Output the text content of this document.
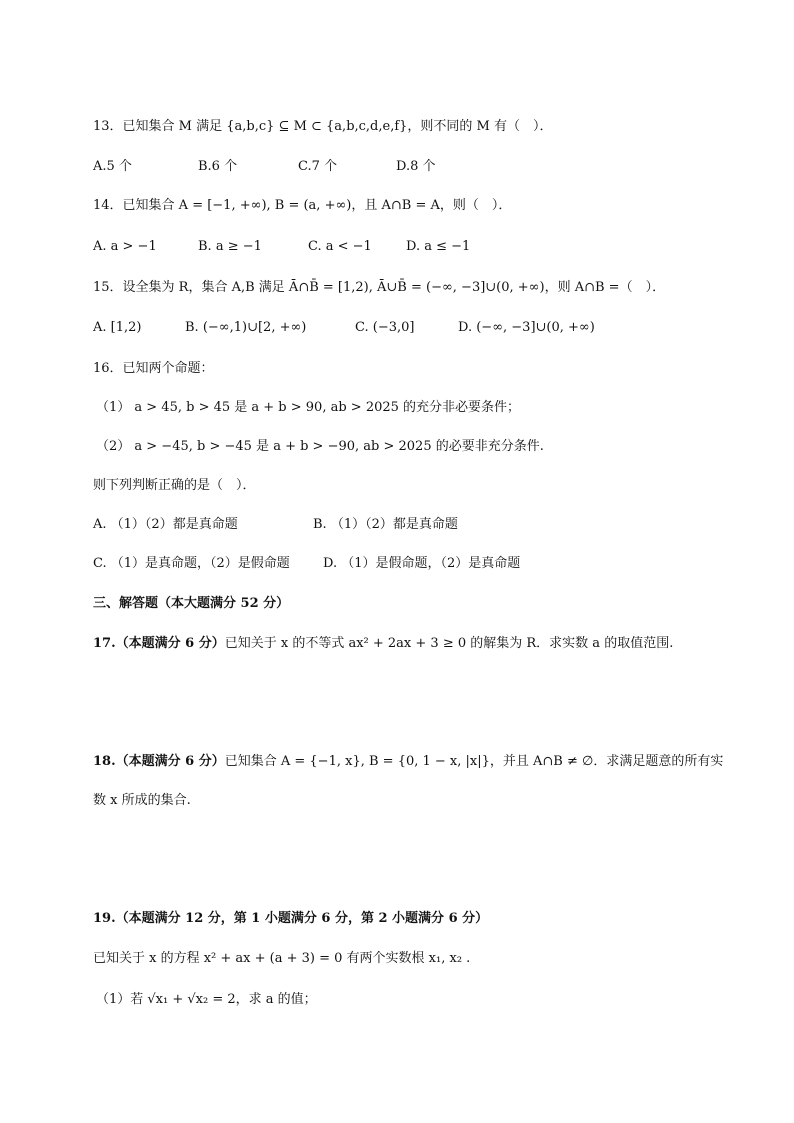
13．已知集合 M 满足 {a,b,c} ⊆ M ⊂ {a,b,c,d,e,f}，则不同的 M 有（　）．
A.5 个	B.6 个	C.7 个	D.8 个
14．已知集合 A = [−1, +∞), B = (a, +∞)，且 A∩B = A，则（　）．
A. a > −1	B. a ≥ −1	C. a < −1	D. a ≤ −1
15．设全集为 R，集合 A,B 满足 Ā∩B̄ = [1,2), Ā∪B̄ = (−∞, −3]∪(0, +∞)，则 A∩B =（　）．
A. [1,2)	B. (−∞,1)∪[2, +∞)	C. (−3,0]	D. (−∞, −3]∪(0, +∞)
16．已知两个命题：
（1） a > 45, b > 45 是 a + b > 90, ab > 2025 的充分非必要条件；
（2） a > −45, b > −45 是 a + b > −90, ab > 2025 的必要非充分条件.
则下列判断正确的是（　）．
A. （1）（2）都是真命题	B. （1）（2）都是真命题
C. （1）是真命题，（2）是假命题	D. （1）是假命题，（2）是真命题
三、解答题（本大题满分 52 分）
17.（本题满分 6 分）已知关于 x 的不等式 ax² + 2ax + 3 ≥ 0 的解集为 R．求实数 a 的取值范围.
18.（本题满分 6 分）已知集合 A = {−1, x}, B = {0, 1 − x, |x|}，并且 A∩B ≠ ∅．求满足题意的所有实
数 x 所成的集合.
19.（本题满分 12 分，第 1 小题满分 6 分，第 2 小题满分 6 分）
已知关于 x 的方程 x² + ax + (a + 3) = 0 有两个实数根 x₁, x₂ .
（1）若 √x₁ + √x₂ = 2，求 a 的值；
